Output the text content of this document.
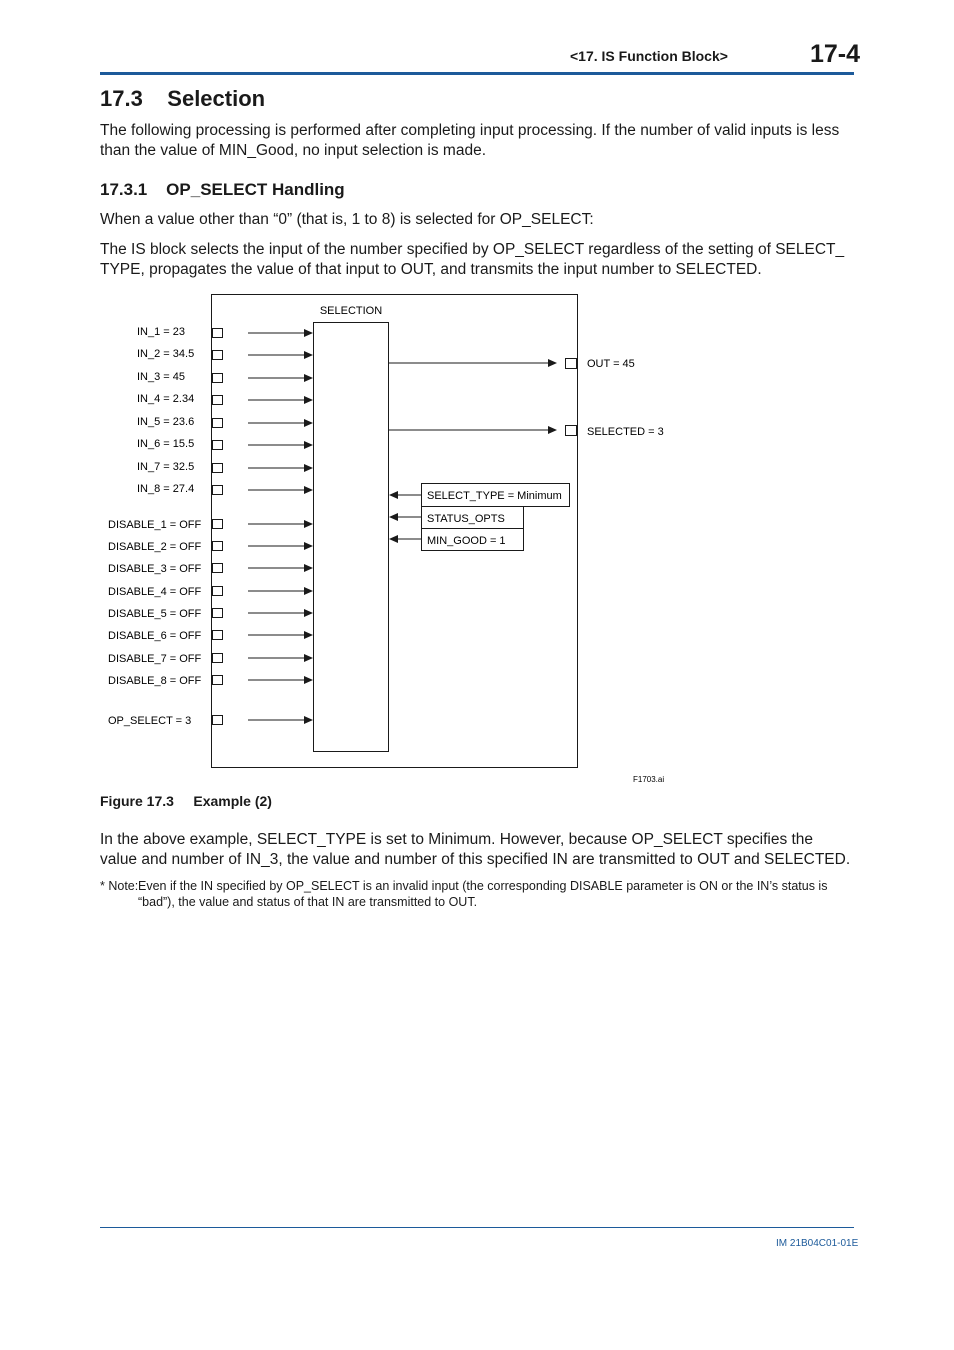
<17. IS Function Block>	17-4
17.3 Selection

The following processing is performed after completing input processing. If the number of valid inputs is less than the value of MIN_Good, no input selection is made.

17.3.1 OP_SELECT Handling

When a value other than “0” (that is, 1 to 8) is selected for OP_SELECT:

The IS block selects the input of the number specified by OP_SELECT regardless of the setting of SELECT_ TYPE, propagates the value of that input to OUT, and transmits the input number to SELECTED.

SELECTION
IN_1 = 23
IN_2 = 34.5
IN_3 = 45
IN_4 = 2.34
IN_5 = 23.6
IN_6 = 15.5
IN_7 = 32.5
IN_8 = 27.4
DISABLE_1 = OFF
DISABLE_2 = OFF
DISABLE_3 = OFF
DISABLE_4 = OFF
DISABLE_5 = OFF
DISABLE_6 = OFF
DISABLE_7 = OFF
DISABLE_8 = OFF
OP_SELECT = 3
OUT = 45
SELECTED = 3
SELECT_TYPE = Minimum
STATUS_OPTS
MIN_GOOD = 1
F1703.ai
Figure 17.3     Example (2)

In the above example, SELECT_TYPE is set to Minimum. However, because OP_SELECT specifies the value and number of IN_3, the value and number of this specified IN are transmitted to OUT and SELECTED.

* Note: Even if the IN specified by OP_SELECT is an invalid input (the corresponding DISABLE parameter is ON or the IN’s status is “bad”), the value and status of that IN are transmitted to OUT.
IM 21B04C01-01E
